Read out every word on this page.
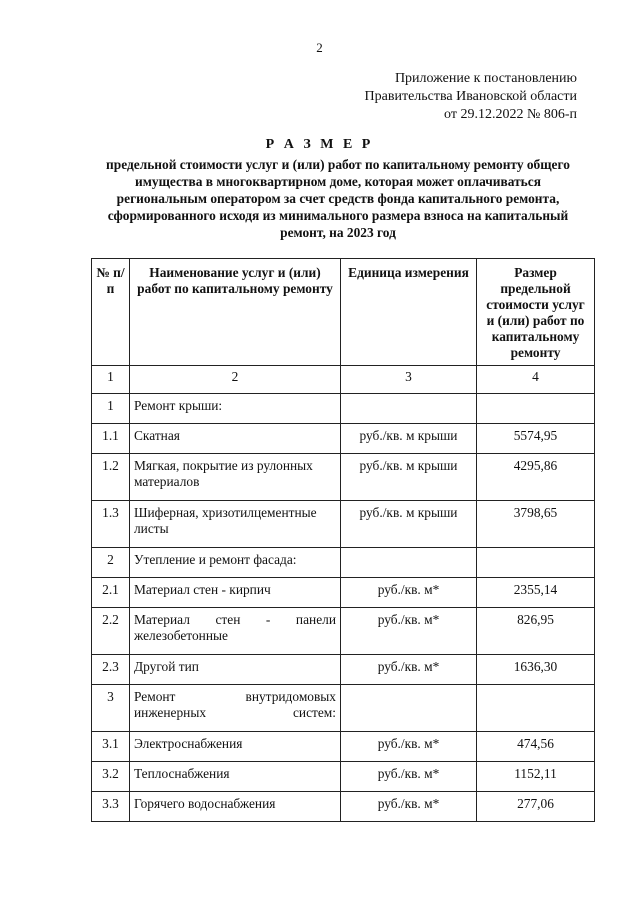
2
Приложение к постановлению
Правительства Ивановской области
от 29.12.2022 № 806-п
Р А З М Е Р
предельной стоимости услуг и (или) работ по капитальному ремонту общего имущества в многоквартирном доме, которая может оплачиваться региональным оператором за счет средств фонда капитального ремонта, сформированного исходя из минимального размера взноса на капитальный ремонт, на 2023 год
№ п/п	Наименование услуг и (или) работ по капитальному ремонту	Единица измерения	Размер предельной стоимости услуг и (или) работ по капитальному ремонту
1	2	3	4
1	Ремонт крыши:		
1.1	Скатная	руб./кв. м крыши	5574,95
1.2	Мягкая, покрытие из рулонных материалов	руб./кв. м крыши	4295,86
1.3	Шиферная, хризотилцементные листы	руб./кв. м крыши	3798,65
2	Утепление и ремонт фасада:		
2.1	Материал стен - кирпич	руб./кв. м*	2355,14
2.2	Материал стен - панели железобетонные	руб./кв. м*	826,95
2.3	Другой тип	руб./кв. м*	1636,30
3	Ремонт внутридомовых инженерных систем:		
3.1	Электроснабжения	руб./кв. м*	474,56
3.2	Теплоснабжения	руб./кв. м*	1152,11
3.3	Горячего водоснабжения	руб./кв. м*	277,06
